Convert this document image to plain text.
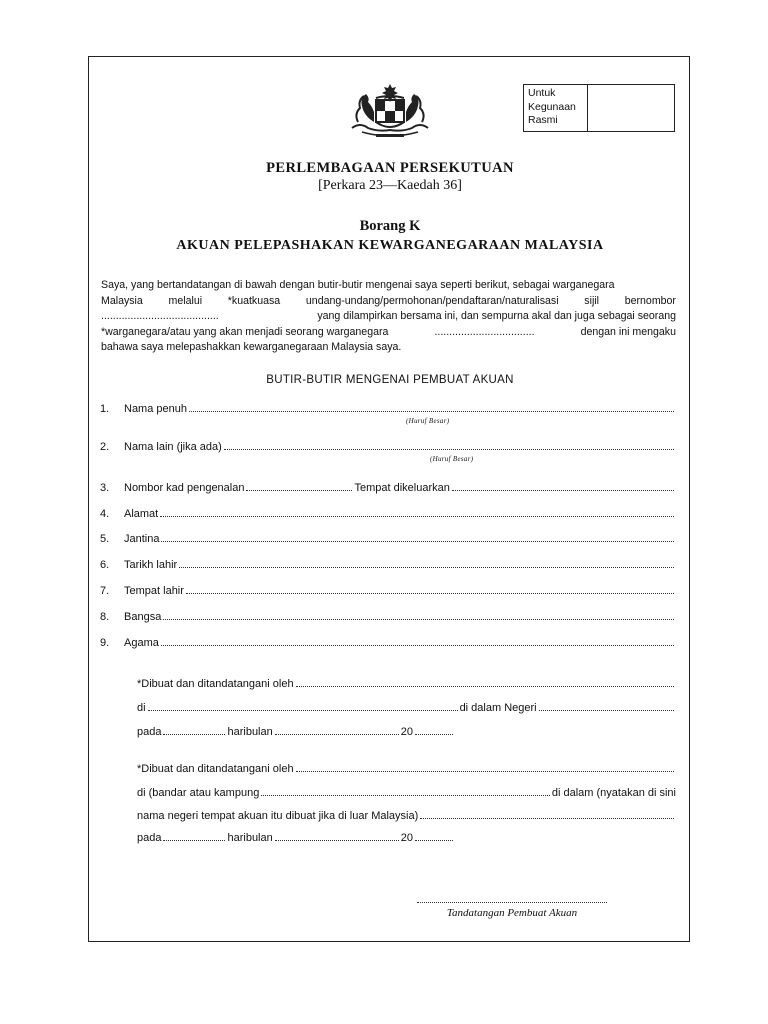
Untuk
Kegunaan
Rasmi
PERLEMBAGAAN PERSEKUTUAN
[Perkara 23—Kaedah 36]
Borang K
AKUAN PELEPASHAKAN KEWARGANEGARAAN MALAYSIA
Saya, yang bertandatangan di bawah dengan butir-butir mengenai saya seperti berikut, sebagai warganegara
Malaysia melalui *kuatkuasa undang-undang/permohonan/pendaftaran/naturalisasi sijil bernombor
........................................	yang dilampirkan bersama ini, dan sempurna akal dan juga sebagai seorang
*warganegara/atau yang akan menjadi seorang warganegara	..................................	dengan ini mengaku
bahawa saya melepashakkan kewarganegaraan Malaysia saya.
BUTIR-BUTIR MENGENAI PEMBUAT AKUAN
1.	Nama penuh
(Huruf Besar)
2.	Nama lain (jika ada)
(Huruf Besar)
3.	Nombor kad pengenalan	Tempat dikeluarkan
4.	Alamat
5.	Jantina
6.	Tarikh lahir
7.	Tempat lahir
8.	Bangsa
9.	Agama
*Dibuat dan ditandatangani oleh
di	di dalam Negeri
pada	haribulan	20
*Dibuat dan ditandatangani oleh
di (bandar atau kampung	di dalam (nyatakan di sini
nama negeri tempat akuan itu dibuat jika di luar Malaysia)
pada	haribulan	20
Tandatangan Pembuat Akuan
